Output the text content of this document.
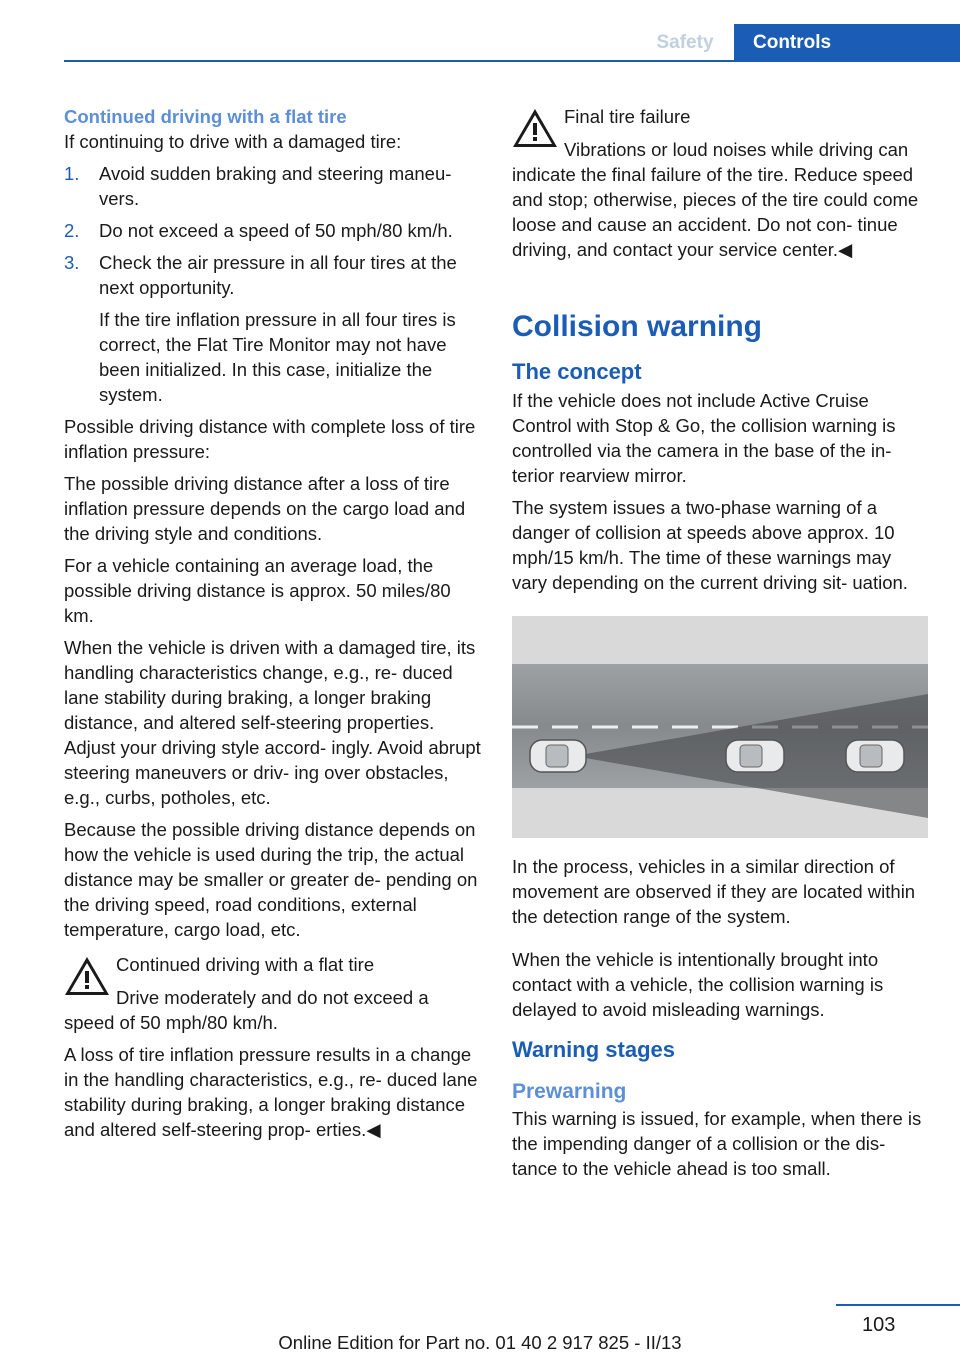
Safety	Controls

Continued driving with a flat tire

If continuing to drive with a damaged tire:

1. Avoid sudden braking and steering maneu‐ vers.

2. Do not exceed a speed of 50 mph/80 km/h.

3. Check the air pressure in all four tires at the next opportunity.

If the tire inflation pressure in all four tires is correct, the Flat Tire Monitor may not have been initialized. In this case, initialize the system.

Possible driving distance with complete loss of tire inflation pressure:

The possible driving distance after a loss of tire inflation pressure depends on the cargo load and the driving style and conditions.

For a vehicle containing an average load, the possible driving distance is approx. 50 miles/80 km.

When the vehicle is driven with a damaged tire, its handling characteristics change, e.g., re‐ duced lane stability during braking, a longer braking distance, and altered self-steering properties. Adjust your driving style accord‐ ingly. Avoid abrupt steering maneuvers or driv‐ ing over obstacles, e.g., curbs, potholes, etc.

Because the possible driving distance depends on how the vehicle is used during the trip, the actual distance may be smaller or greater de‐ pending on the driving speed, road conditions, external temperature, cargo load, etc.

Continued driving with a flat tire

Drive moderately and do not exceed a
speed of 50 mph/80 km/h.

A loss of tire inflation pressure results in a change in the handling characteristics, e.g., re‐ duced lane stability during braking, a longer braking distance and altered self-steering prop‐ erties.◀

Final tire failure

Vibrations or loud noises while driving can
indicate the final failure of the tire. Reduce speed and stop; otherwise, pieces of the tire could come loose and cause an accident. Do not con‐ tinue driving, and contact your service center.◀

Collision warning
The concept

If the vehicle does not include Active Cruise Control with Stop & Go, the collision warning is controlled via the camera in the base of the in‐ terior rearview mirror.

The system issues a two-phase warning of a danger of collision at speeds above approx. 10 mph/15 km/h. The time of these warnings may vary depending on the current driving sit‐ uation.

In the process, vehicles in a similar direction of movement are observed if they are located within the detection range of the system.

When the vehicle is intentionally brought into contact with a vehicle, the collision warning is delayed to avoid misleading warnings.

Warning stages
Prewarning

This warning is issued, for example, when there is the impending danger of a collision or the dis‐ tance to the vehicle ahead is too small.

103
Online Edition for Part no. 01 40 2 917 825 - II/13
